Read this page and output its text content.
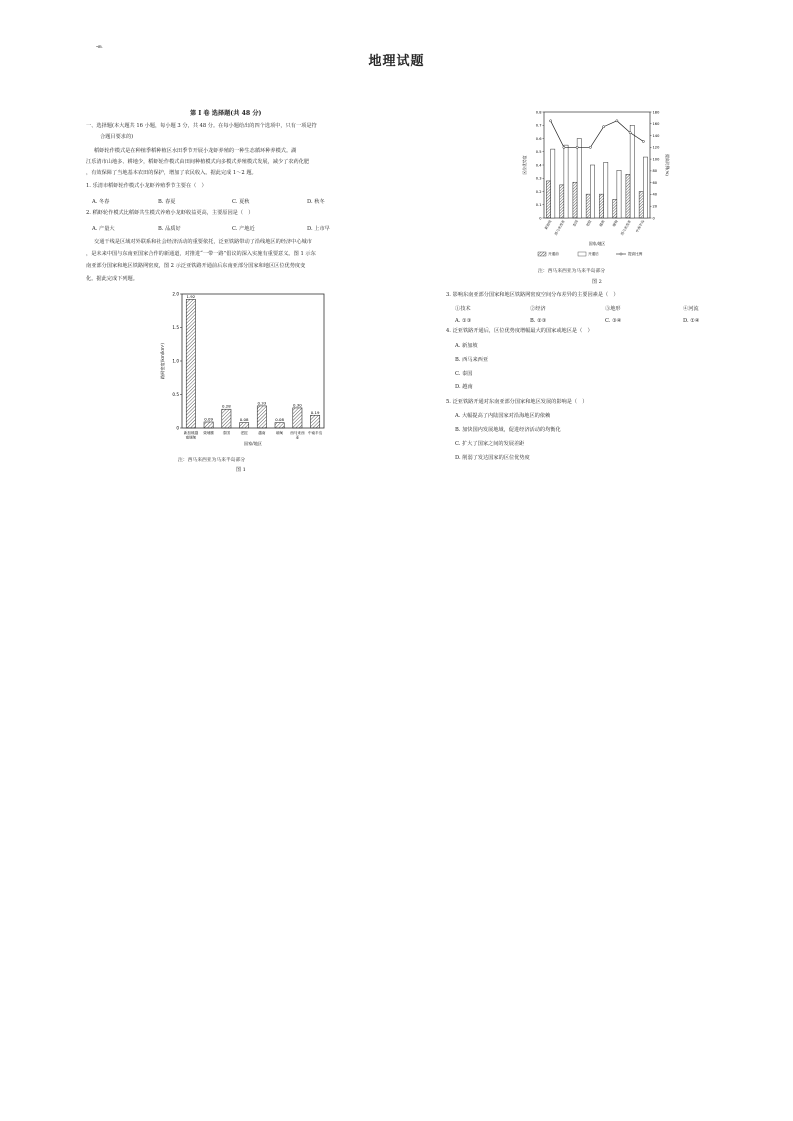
•ffi.
地理试题
第 I 卷 选择题(共 48 分)
一、选择题(本大题共 16 小题，每小题 3 分，共 48 分。在每小题给出的四个选项中，只有一项是符
合题目要求的)
稻虾轮作模式是在种植季稻种植区水田季节开展小龙虾养殖的一种生态循环种养模式。湖
江乐清市山地多、耕地少，稻虾轮作模式由田间种植模式向多模式养殖模式发展，减少了农药化肥
，有效保障了当地基本农田的保护，增加了农民收入。据此完成 1～2 题。
1. 乐清市稻虾轮作模式小龙虾养殖季节主要在（　）
A. 冬春	B. 春夏	C. 夏秋	D. 秋冬
2. 稻虾轮作模式比稻虾共生模式养殖小龙虾收益更高，主要原因是（　）
A. 产量大	B. 品质好	C. 产地近	D. 上市早
交通干线是区域对外联系和社会经济活动的重要依托，泛亚铁路带动了沿线地区的经济中心城市
，是未来中国与东南亚国家合作的新通道，对推进“一带一路”倡议的深入实施有重要意义。图 1 示东
南亚部分国家和地区铁路网密度，图 2 示泛亚铁路开通前后东南亚部分国家和地区区位优势度变
化。据此完成下列题。
0
0.5
1.0
1.5
2.0
路网密度(km/km²)
1.92
新加坡越
南缅甸
0.09
柬埔寨
0.28
泰国
0.08
老挝
0.33
越南
0.08
缅甸
0.30
西马来西
亚
0.19
中南半岛
国家/地区
注：西马来西亚为马来半岛部分
图 1
0
0.1
0.2
0.3
0.4
0.5
0.6
0.7
0.8
0
20
40
60
80
100
120
140
160
180
区位优势度	提高比例(%)
新加坡 西马来西亚 泰国 老挝 越南 缅甸 西马来西亚 中南半岛
国家/地区
开通前	开通后	提高比例
注：西马来西亚为马来半岛部分
图 2
3. 影响东南亚部分国家和地区铁路网密度空间分布差异的主要因素是（　）
①技术	②经济	③地形	④河流
A. ①③	B. ②③	C. ③④	D. ①④
4. 泛亚铁路开通后，区位优势度增幅最大的国家或地区是（　）
A. 新加坡
B. 西马来西亚
C. 泰国
D. 越南
5. 泛亚铁路开通对东南亚部分国家和地区发展的影响是（　）
A. 大幅提高了内陆国家对沿海地区的依赖
B. 加快国内发展地域，促进经济活动的均衡化
C. 扩大了国家之间的发展差距
D. 削弱了发达国家的区位优势度
